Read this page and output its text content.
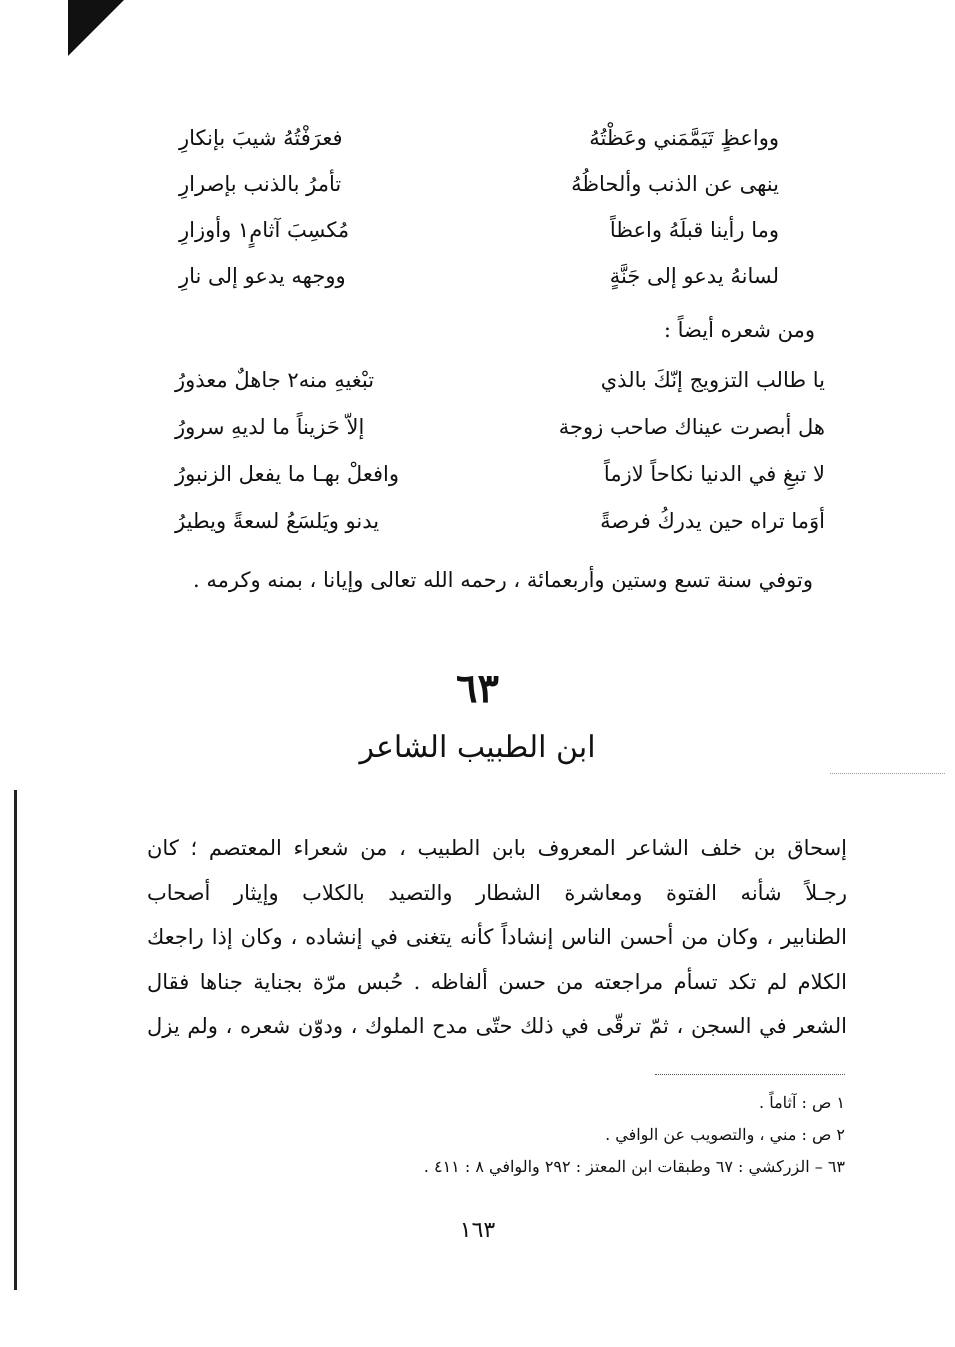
وواعظٍ تَيَمَّمَني وعَظْتُهُ
فعرَفْتُهُ شيبَ بإنكارِ
ينهى عن الذنب وألحاظُهُ
تأمرُ بالذنب بإصرارِ
وما رأينا قبلَهُ واعظاً
مُكسِبَ آثامٍ١ وأوزارِ
لسانهُ يدعو إلى جَنَّةٍ
ووجهه يدعو إلى نارِ
ومن شعره أيضاً :
يا طالب التزويج إنّكَ بالذي
تبْغيهِ منه٢ جاهلٌ معذورُ
هل أبصرت عيناك صاحب زوجة
إلاّ حَزيناً ما لديهِ سرورُ
لا تبغِ في الدنيا نكاحاً لازماً
وافعلْ بهـا ما يفعل الزنبورُ
أوَما تراه حين يدركُ فرصةً
يدنو ويَلسَعُ لسعةً ويطيرُ
وتوفي سنة تسع وستين وأربعمائة ، رحمه الله تعالى وإيانا ، بمنه وكرمه .
٦٣
ابن الطبيب الشاعر
إسحاق بن خلف الشاعر المعروف بابن الطبيب ، من شعراء المعتصم ؛ كان
رجـلاً شأنه الفتوة ومعاشرة الشطار والتصيد بالكلاب وإيثار أصحاب
الطنابير ، وكان من أحسن الناس إنشاداً كأنه يتغنى في إنشاده ، وكان إذا راجعك
الكلام لم تكد تسأم مراجعته من حسن ألفاظه . حُبس مرّة بجناية جناها فقال
الشعر في السجن ، ثمّ ترقّى في ذلك حتّى مدح الملوك ، ودوّن شعره ، ولم يزل
١ ص : آثاماً .
٢ ص : مني ، والتصويب عن الوافي .
٦٣ – الزركشي : ٦٧ وطبقات ابن المعتز : ٢٩٢ والوافي ٨ : ٤١١ .
١٦٣
